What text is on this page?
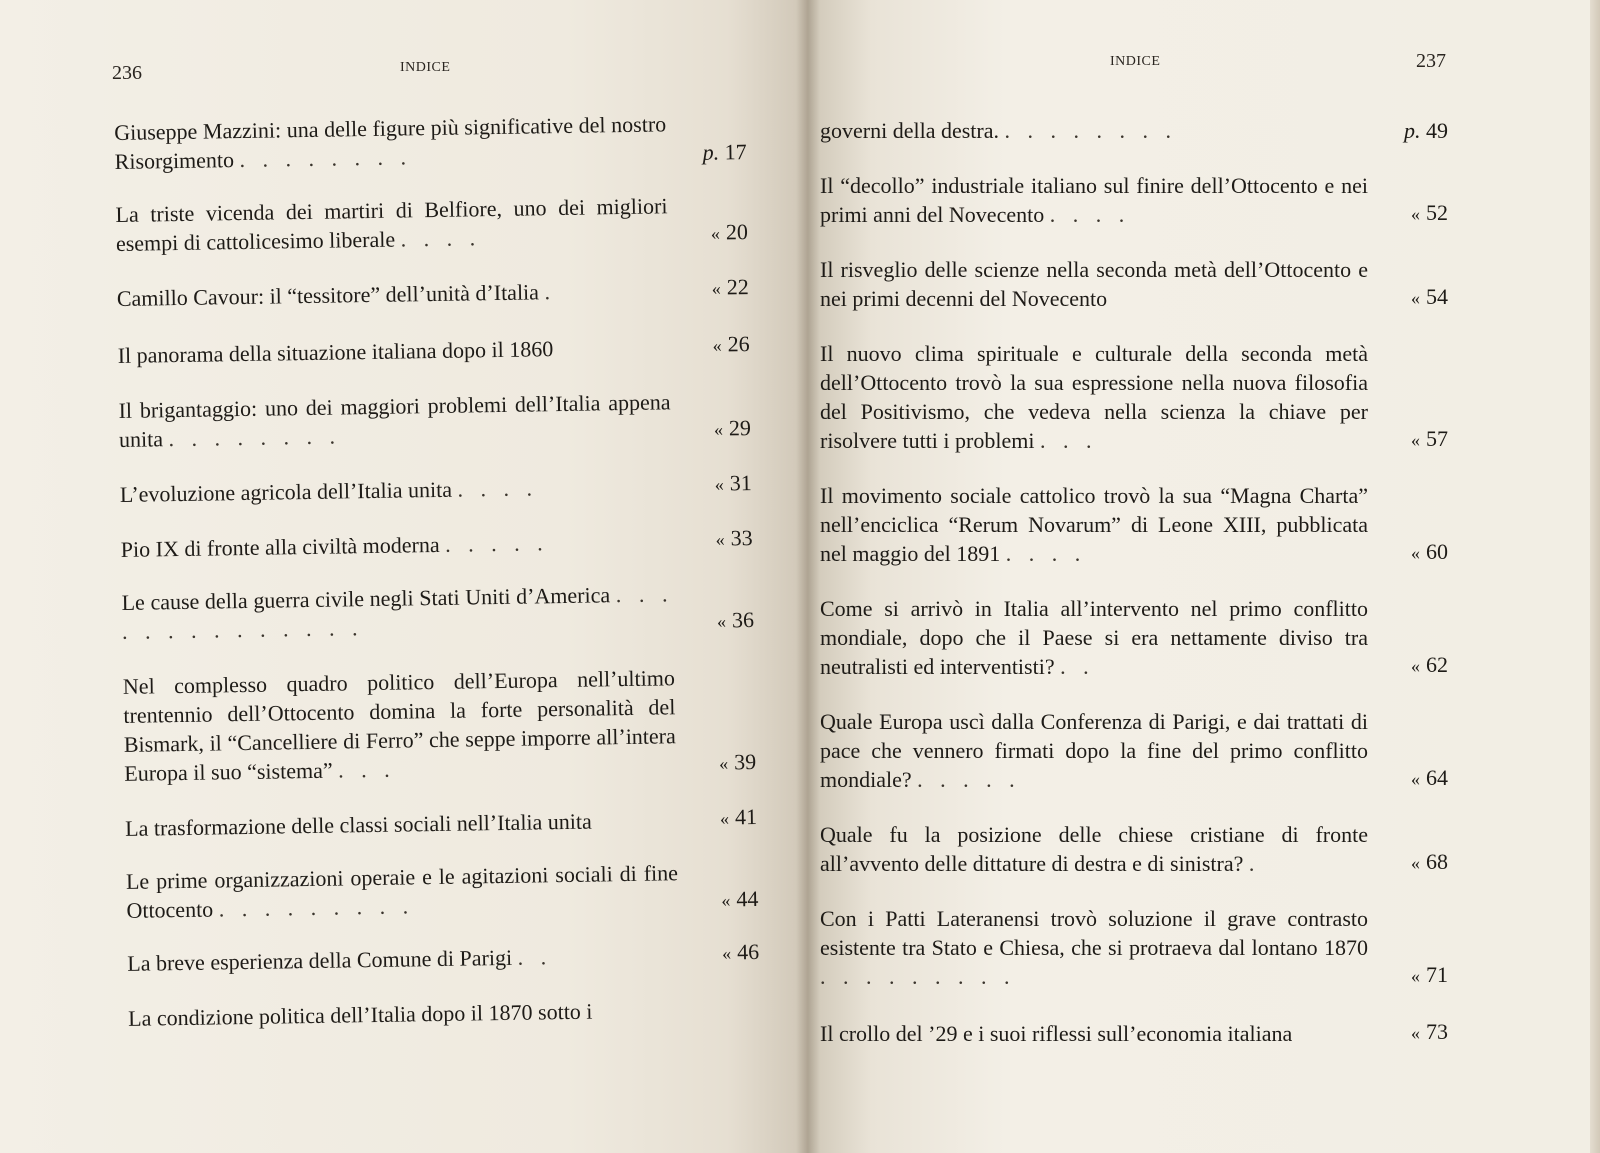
236	INDICE
Giuseppe Mazzini: una delle figure più significative del nostro Risorgimento . . . . . . . .	p. 17
La triste vicenda dei martiri di Belfiore, uno dei migliori esempi di cattolicesimo liberale . . . .	« 20
Camillo Cavour: il “tessitore” dell’unità d’Italia .	« 22
Il panorama della situazione italiana dopo il 1860	« 26
Il brigantaggio: uno dei maggiori problemi dell’Italia appena unita . . . . . . . .	« 29
L’evoluzione agricola dell’Italia unita . . . .	« 31
Pio IX di fronte alla civiltà moderna . . . . .	« 33
Le cause della guerra civile negli Stati Uniti d’America . . . . . . . . . . . . . .	« 36
Nel complesso quadro politico dell’Europa nell’ultimo trentennio dell’Ottocento domina la forte personalità del Bismark, il “Cancelliere di Ferro” che seppe imporre all’intera Europa il suo “sistema” . . .	« 39
La trasformazione delle classi sociali nell’Italia unita	« 41
Le prime organizzazioni operaie e le agitazioni sociali di fine Ottocento . . . . . . . . .	« 44
La breve esperienza della Comune di Parigi . .	« 46
La condizione politica dell’Italia dopo il 1870 sotto i
INDICE	237
governi della destra. . . . . . . . .	p. 49
Il “decollo” industriale italiano sul finire dell’Ottocento e nei primi anni del Novecento . . . .	« 52
Il risveglio delle scienze nella seconda metà dell’Ottocento e nei primi decenni del Novecento	« 54
Il nuovo clima spirituale e culturale della seconda metà dell’Ottocento trovò la sua espressione nella nuova filosofia del Positivismo, che vedeva nella scienza la chiave per risolvere tutti i problemi . . .	« 57
Il movimento sociale cattolico trovò la sua “Magna Charta” nell’enciclica “Rerum Novarum” di Leone XIII, pubblicata nel maggio del 1891 . . . .	« 60
Come si arrivò in Italia all’intervento nel primo conflitto mondiale, dopo che il Paese si era nettamente diviso tra neutralisti ed interventisti? . .	« 62
Quale Europa uscì dalla Conferenza di Parigi, e dai trattati di pace che vennero firmati dopo la fine del primo conflitto mondiale? . . . . .	« 64
Quale fu la posizione delle chiese cristiane di fronte all’avvento delle dittature di destra e di sinistra? .	« 68
Con i Patti Lateranensi trovò soluzione il grave contrasto esistente tra Stato e Chiesa, che si protraeva dal lontano 1870 . . . . . . . . .	« 71
Il crollo del ’29 e i suoi riflessi sull’economia italiana	« 73
